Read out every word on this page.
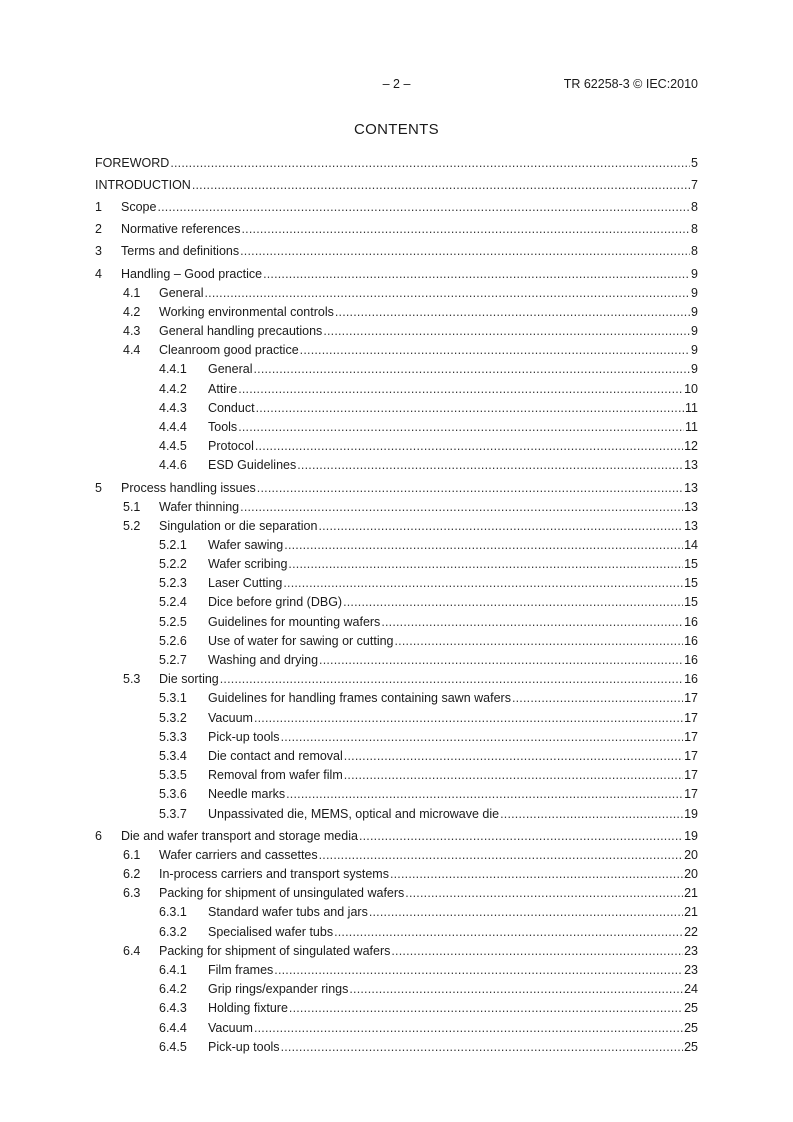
– 2 –	TR 62258-3 © IEC:2010
CONTENTS
FOREWORD .....	5
INTRODUCTION .....	7
1	Scope .....	8
2	Normative references .....	8
3	Terms and definitions .....	8
4	Handling – Good practice .....	9
4.1	General .....	9
4.2	Working environmental controls .....	9
4.3	General handling precautions .....	9
4.4	Cleanroom good practice .....	9
4.4.1	General .....	9
4.4.2	Attire .....	10
4.4.3	Conduct .....	11
4.4.4	Tools .....	11
4.4.5	Protocol .....	12
4.4.6	ESD Guidelines .....	13
5	Process handling issues .....	13
5.1	Wafer thinning .....	13
5.2	Singulation or die separation .....	13
5.2.1	Wafer sawing .....	14
5.2.2	Wafer scribing .....	15
5.2.3	Laser Cutting .....	15
5.2.4	Dice before grind (DBG) .....	15
5.2.5	Guidelines for mounting wafers .....	16
5.2.6	Use of water for sawing or cutting .....	16
5.2.7	Washing and drying .....	16
5.3	Die sorting .....	16
5.3.1	Guidelines for handling frames containing sawn wafers .....	17
5.3.2	Vacuum .....	17
5.3.3	Pick-up tools .....	17
5.3.4	Die contact and removal .....	17
5.3.5	Removal from wafer film .....	17
5.3.6	Needle marks .....	17
5.3.7	Unpassivated die, MEMS, optical and microwave die .....	19
6	Die and wafer transport and storage media .....	19
6.1	Wafer carriers and cassettes .....	20
6.2	In-process carriers and transport systems .....	20
6.3	Packing for shipment of unsingulated wafers .....	21
6.3.1	Standard wafer tubs and jars .....	21
6.3.2	Specialised wafer tubs .....	22
6.4	Packing for shipment of singulated wafers .....	23
6.4.1	Film frames .....	23
6.4.2	Grip rings/expander rings .....	24
6.4.3	Holding fixture .....	25
6.4.4	Vacuum .....	25
6.4.5	Pick-up tools .....	25
